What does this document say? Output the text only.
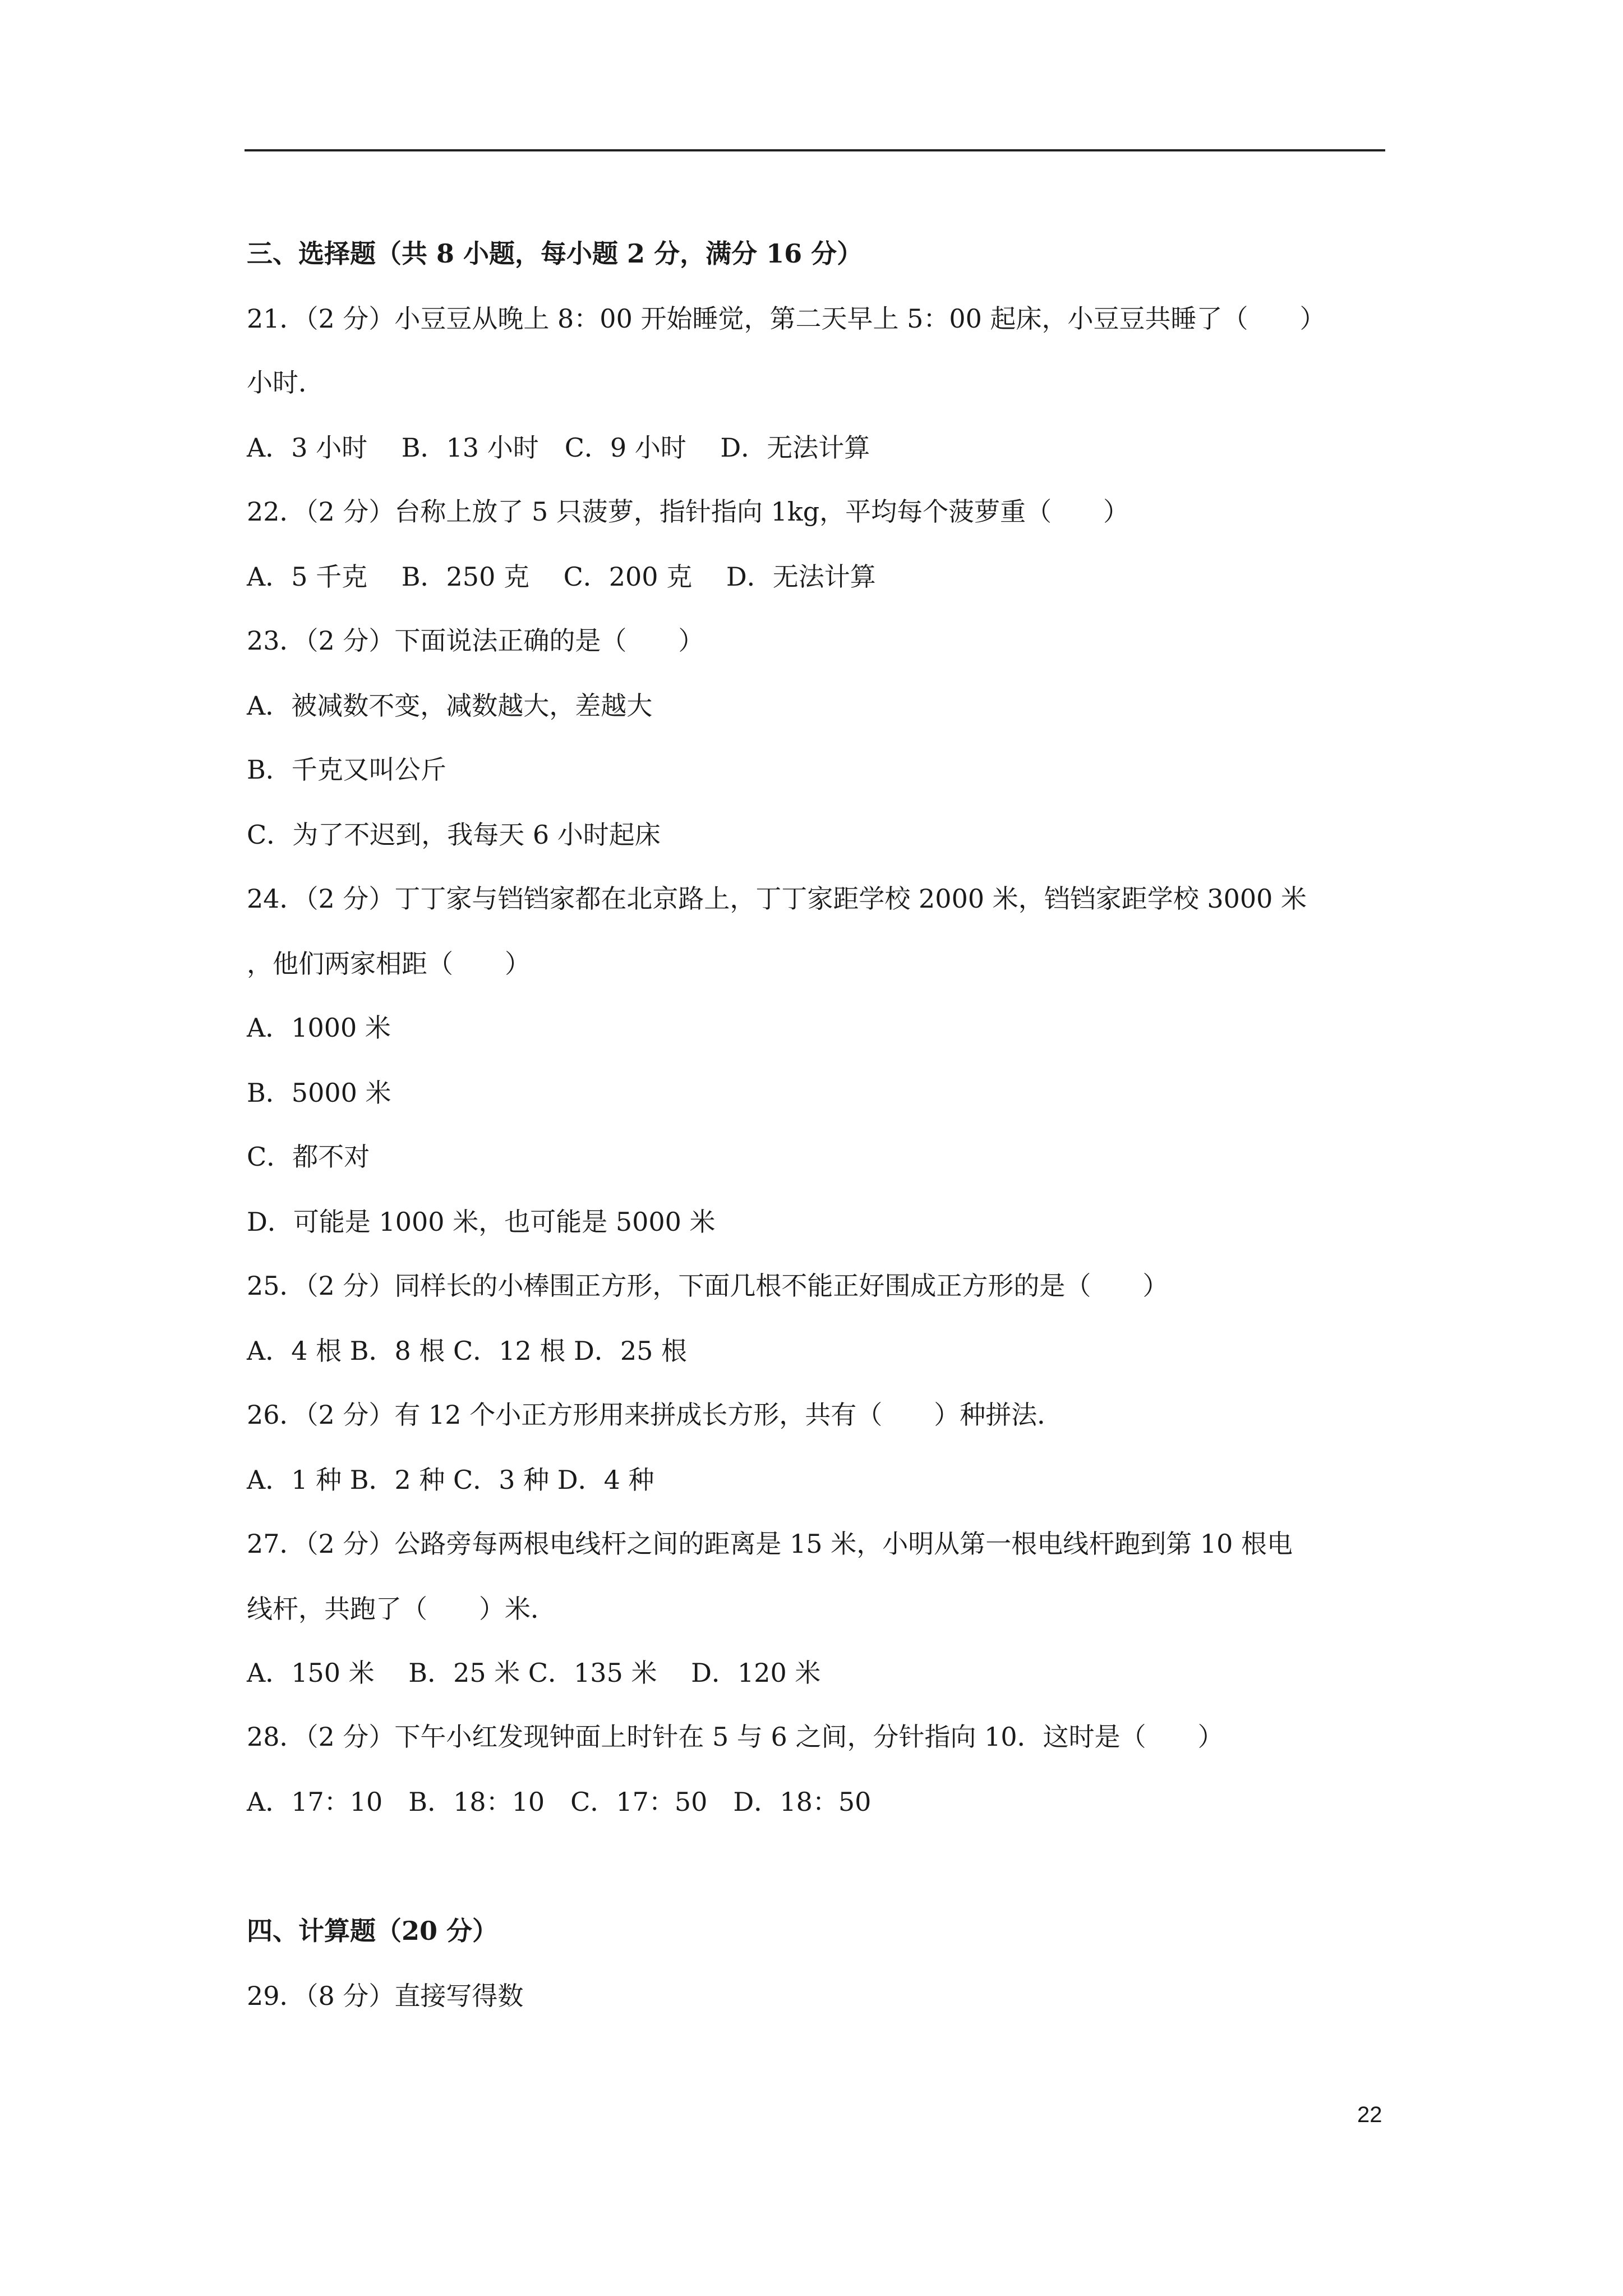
三、选择题（共 8 小题，每小题 2 分，满分 16 分）
21．（2 分）小豆豆从晚上 8：00 开始睡觉，第二天早上 5：00 起床，小豆豆共睡了（　　）
小时．
A．3 小时　 B．13 小时　C．9 小时　 D．无法计算
22．（2 分）台称上放了 5 只菠萝，指针指向 1kg，平均每个菠萝重（　　）
A．5 千克　 B．250 克　 C．200 克　 D．无法计算
23．（2 分）下面说法正确的是（　　）
A．被减数不变，减数越大，差越大
B．千克又叫公斤
C．为了不迟到，我每天 6 小时起床
24．（2 分）丁丁家与铛铛家都在北京路上，丁丁家距学校 2000 米，铛铛家距学校 3000 米
，他们两家相距（　　）
A．1000 米
B．5000 米
C．都不对
D．可能是 1000 米，也可能是 5000 米
25．（2 分）同样长的小棒围正方形，下面几根不能正好围成正方形的是（　　）
A．4 根 B．8 根 C．12 根 D．25 根
26．（2 分）有 12 个小正方形用来拼成长方形，共有（　　）种拼法．
A．1 种 B．2 种 C．3 种 D．4 种
27．（2 分）公路旁每两根电线杆之间的距离是 15 米，小明从第一根电线杆跑到第 10 根电
线杆，共跑了（　　）米．
A．150 米　 B．25 米 C．135 米　 D．120 米
28．（2 分）下午小红发现钟面上时针在 5 与 6 之间，分针指向 10．这时是（　　）
A．17：10　B．18：10　C．17：50　D．18：50
四、计算题（20 分）
29．（8 分）直接写得数
22
